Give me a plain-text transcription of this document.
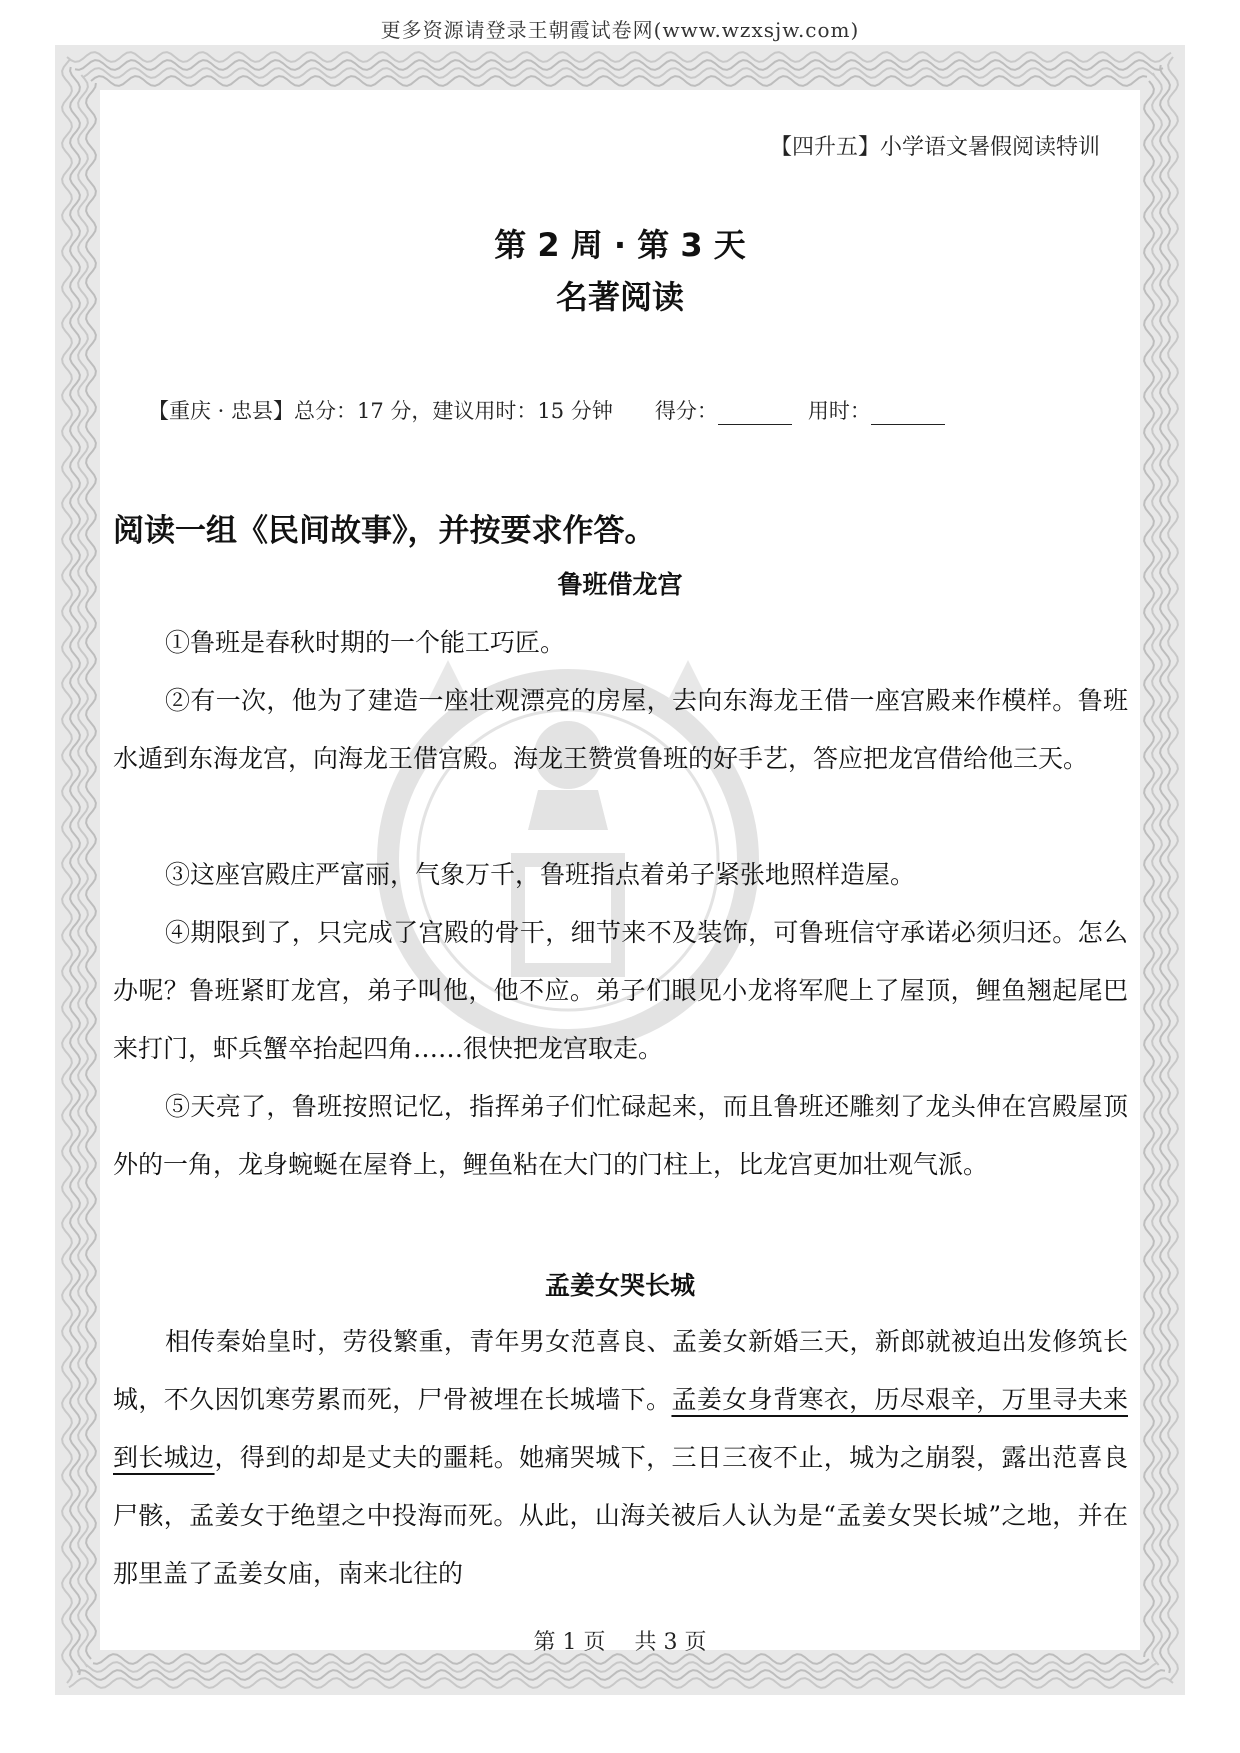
更多资源请登录王朝霞试卷网(www.wzxsjw.com)
【四升五】小学语文暑假阅读特训
第 2 周 · 第 3 天
名著阅读
【重庆 · 忠县】总分：17 分，建议用时：15 分钟 得分：	用时：
阅读一组《民间故事》，并按要求作答。
鲁班借龙宫

①鲁班是春秋时期的一个能工巧匠。

②有一次，他为了建造一座壮观漂亮的房屋，去向东海龙王借一座宫殿来作模样。鲁班水遁到东海龙宫，向海龙王借宫殿。海龙王赞赏鲁班的好手艺，答应把龙宫借给他三天。

③这座宫殿庄严富丽，气象万千，鲁班指点着弟子紧张地照样造屋。

④期限到了，只完成了宫殿的骨干，细节来不及装饰，可鲁班信守承诺必须归还。怎么办呢？鲁班紧盯龙宫，弟子叫他，他不应。弟子们眼见小龙将军爬上了屋顶，鲤鱼翘起尾巴来打门，虾兵蟹卒抬起四角……很快把龙宫取走。

⑤天亮了，鲁班按照记忆，指挥弟子们忙碌起来，而且鲁班还雕刻了龙头伸在宫殿屋顶外的一角，龙身蜿蜒在屋脊上，鲤鱼粘在大门的门柱上，比龙宫更加壮观气派。

孟姜女哭长城

相传秦始皇时，劳役繁重，青年男女范喜良、孟姜女新婚三天，新郎就被迫出发修筑长城，不久因饥寒劳累而死，尸骨被埋在长城墙下。孟姜女身背寒衣，历尽艰辛，万里寻夫来到长城边，得到的却是丈夫的噩耗。她痛哭城下，三日三夜不止，城为之崩裂，露出范喜良尸骸，孟姜女于绝望之中投海而死。从此，山海关被后人认为是“孟姜女哭长城”之地，并在那里盖了孟姜女庙，南来北往的

第 1 页　 共 3 页
